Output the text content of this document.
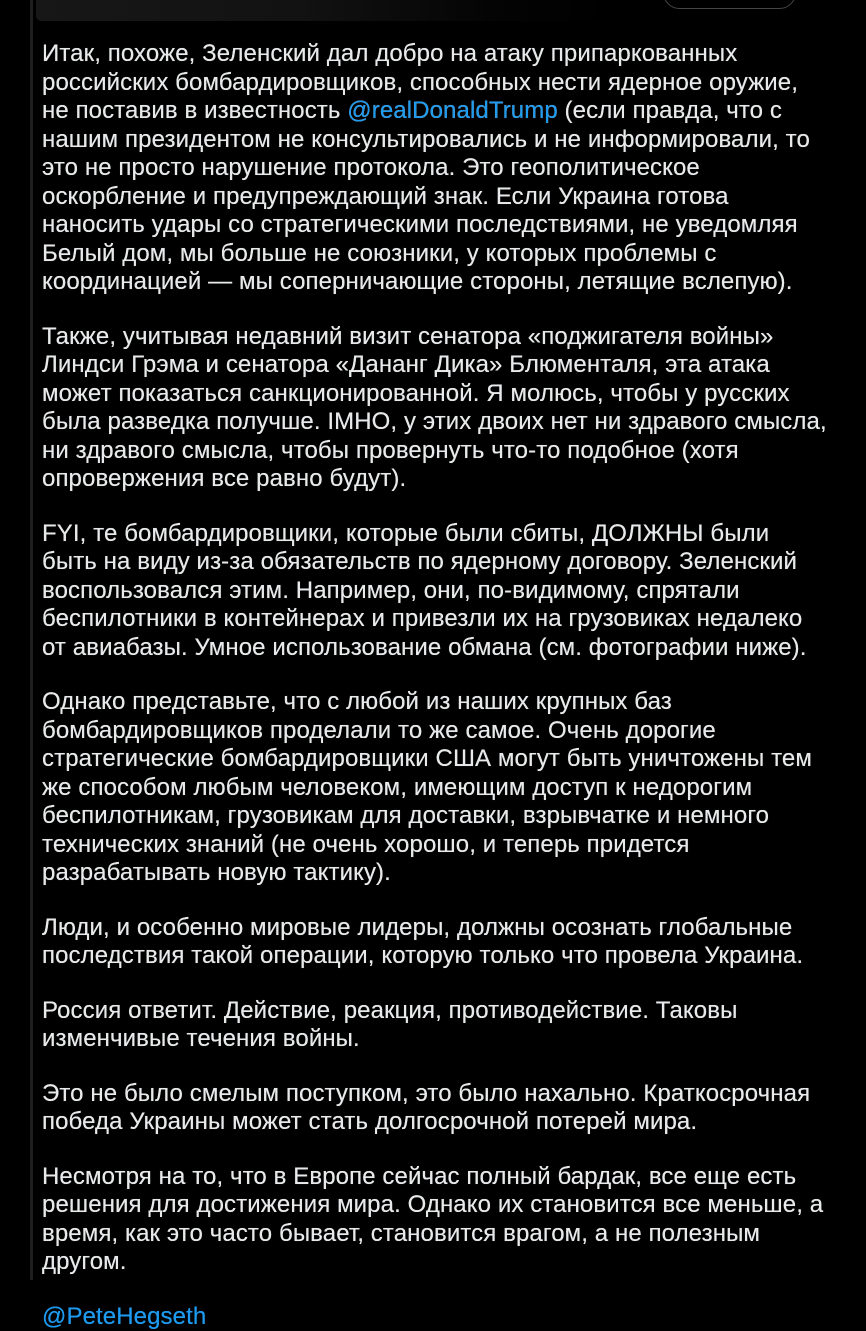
Итак, похоже, Зеленский дал добро на атаку припаркованных российских бомбардировщиков, способных нести ядерное оружие, не поставив в известность @realDonaldTrump (если правда, что с нашим президентом не консультировались и не информировали, то это не просто нарушение протокола. Это геополитическое оскорбление и предупреждающий знак. Если Украина готова наносить удары со стратегическими последствиями, не уведомляя Белый дом, мы больше не союзники, у которых проблемы с координацией — мы соперничающие стороны, летящие вслепую).

Также, учитывая недавний визит сенатора «поджигателя войны» Линдси Грэма и сенатора «Дананг Дика» Блюменталя, эта атака может показаться санкционированной. Я молюсь, чтобы у русских была разведка получше. IMHO, у этих двоих нет ни здравого смысла, ни здравого смысла, чтобы провернуть что-то подобное (хотя опровержения все равно будут).

FYI, те бомбардировщики, которые были сбиты, ДОЛЖНЫ были быть на виду из-за обязательств по ядерному договору. Зеленский воспользовался этим. Например, они, по-видимому, спрятали беспилотники в контейнерах и привезли их на грузовиках недалеко от авиабазы. Умное использование обмана (см. фотографии ниже).

Однако представьте, что с любой из наших крупных баз бомбардировщиков проделали то же самое. Очень дорогие стратегические бомбардировщики США могут быть уничтожены тем же способом любым человеком, имеющим доступ к недорогим беспилотникам, грузовикам для доставки, взрывчатке и немного технических знаний (не очень хорошо, и теперь придется разрабатывать новую тактику).

Люди, и особенно мировые лидеры, должны осознать глобальные последствия такой операции, которую только что провела Украина.

Россия ответит. Действие, реакция, противодействие. Таковы изменчивые течения войны.

Это не было смелым поступком, это было нахально. Краткосрочная победа Украины может стать долгосрочной потерей мира.

Несмотря на то, что в Европе сейчас полный бардак, все еще есть решения для достижения мира. Однако их становится все меньше, а время, как это часто бывает, становится врагом, а не полезным другом.

@PeteHegseth
